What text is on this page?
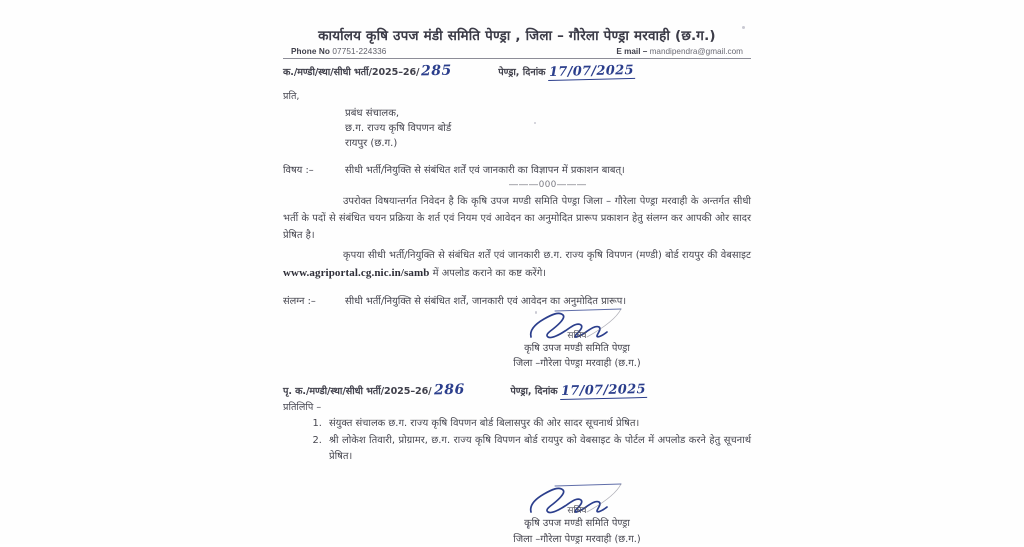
कार्यालय कृषि उपज मंडी समिति पेण्ड्रा , जिला – गौरेला पेण्ड्रा मरवाही (छ.ग.)
Phone No 07751-224336	E mail – mandipendra@gmail.com
क./मण्डी/स्था/सीधी भर्ती/2025–26/ 285	पेण्ड्रा, दिनांक 17/07/2025
प्रति,
प्रबंध संचालक,
छ.ग. राज्य कृषि विपणन बोर्ड
रायपुर (छ.ग.)
विषय :–	सीधी भर्ती/नियुक्ति से संबंधित शर्तें एवं जानकारी का विज्ञापन में प्रकाशन बाबत्।
———000———
उपरोक्त विषयान्तर्गत निवेदन है कि कृषि उपज मण्डी समिति पेण्ड्रा जिला – गौरेला पेण्ड्रा मरवाही के अन्तर्गत सीधी भर्ती के पदों से संबंधित चयन प्रक्रिया के शर्त एवं नियम एवं आवेदन का अनुमोदित प्रारूप प्रकाशन हेतु संलग्न कर आपकी ओर सादर प्रेषित है।
कृपया सीधी भर्ती/नियुक्ति से संबंधित शर्तें एवं जानकारी छ.ग. राज्य कृषि विपणन (मण्डी) बोर्ड रायपुर की वेबसाइट www.agriportal.cg.nic.in/samb में अपलोड कराने का कष्ट करेंगे।
संलग्न :–	सीधी भर्ती/नियुक्ति से संबंधित शर्तें, जानकारी एवं आवेदन का अनुमोदित प्रारूप।
सचिव
कृषि उपज मण्डी समिति पेण्ड्रा
जिला –गौरेला पेण्ड्रा मरवाही (छ.ग.)
पृ. क./मण्डी/स्था/सीधी भर्ती/2025–26/ 286	पेण्ड्रा, दिनांक 17/07/2025
प्रतिलिपि –
1. संयुक्त संचालक छ.ग. राज्य कृषि विपणन बोर्ड बिलासपुर की ओर सादर सूचनार्थ प्रेषित।
2. श्री लोकेश तिवारी, प्रोग्रामर, छ.ग. राज्य कृषि विपणन बोर्ड रायपुर को वेबसाइट के पोर्टल में अपलोड करने हेतु सूचनार्थ प्रेषित।
सचिव
कृषि उपज मण्डी समिति पेण्ड्रा
जिला –गौरेला पेण्ड्रा मरवाही (छ.ग.)
